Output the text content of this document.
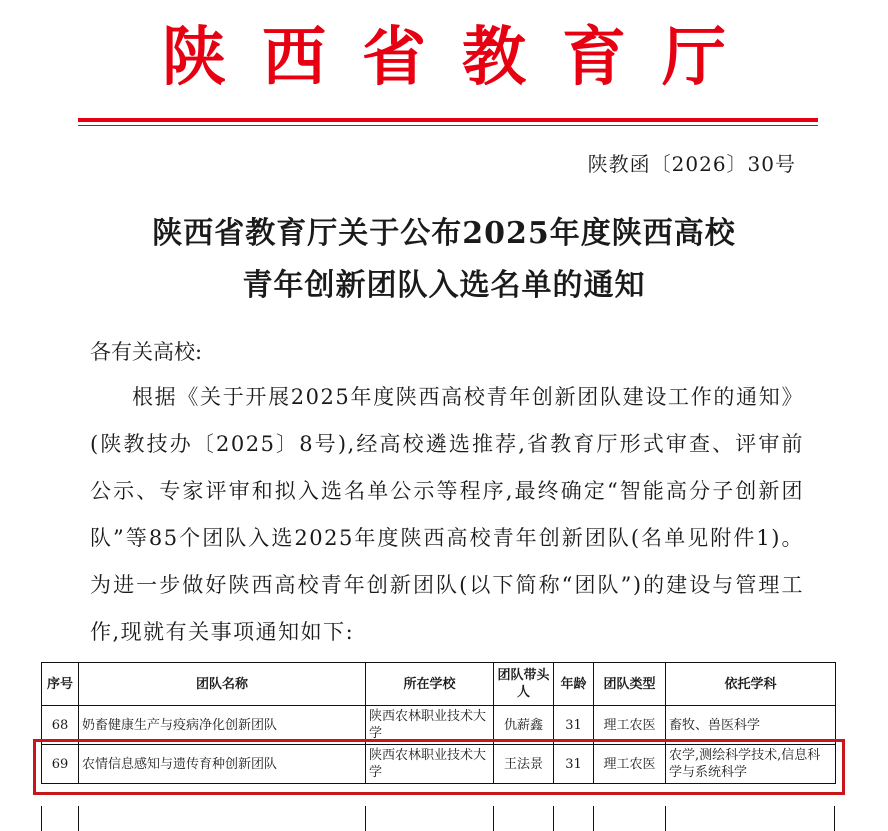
陕西省教育厅
陕教函〔2026〕30号
陕西省教育厅关于公布2025年度陕西高校
青年创新团队入选名单的通知
各有关高校:
根据《关于开展2025年度陕西高校青年创新团队建设工作的通知》(陕教技办〔2025〕8号),经高校遴选推荐,省教育厅形式审查、评审前公示、专家评审和拟入选名单公示等程序,最终确定“智能高分子创新团队”等85个团队入选2025年度陕西高校青年创新团队(名单见附件1)。为进一步做好陕西高校青年创新团队(以下简称“团队”)的建设与管理工作,现就有关事项通知如下:
序号	团队名称	所在学校	团队带头人	年龄	团队类型	依托学科
68	奶畜健康生产与疫病净化创新团队	陕西农林职业技术大学	仇薪鑫	31	理工农医	畜牧、兽医科学
69	农情信息感知与遗传育种创新团队	陕西农林职业技术大学	王法景	31	理工农医	农学,测绘科学技术,信息科学与系统科学
